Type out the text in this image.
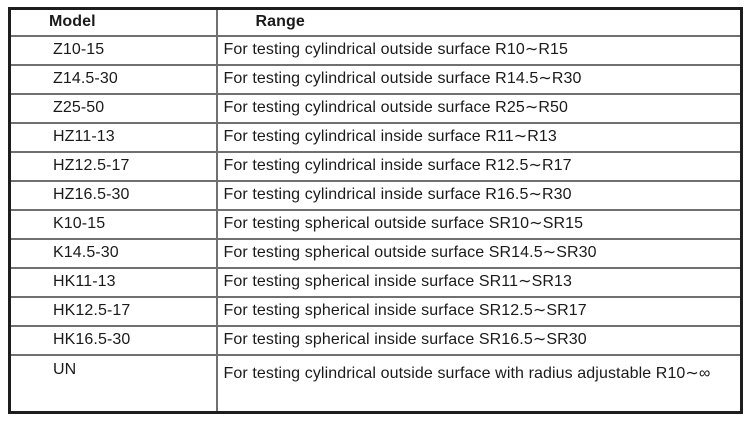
Model	Range
Z10-15	For testing cylindrical outside surface R10∼R15
Z14.5-30	For testing cylindrical outside surface R14.5∼R30
Z25-50	For testing cylindrical outside surface R25∼R50
HZ11-13	For testing cylindrical inside surface R11∼R13
HZ12.5-17	For testing cylindrical inside surface R12.5∼R17
HZ16.5-30	For testing cylindrical inside surface R16.5∼R30
K10-15	For testing spherical outside surface SR10∼SR15
K14.5-30	For testing spherical outside surface SR14.5∼SR30
HK11-13	For testing spherical inside surface SR11∼SR13
HK12.5-17	For testing spherical inside surface SR12.5∼SR17
HK16.5-30	For testing spherical inside surface SR16.5∼SR30
UN	For testing cylindrical outside surface with radius adjustable R10∼∞
